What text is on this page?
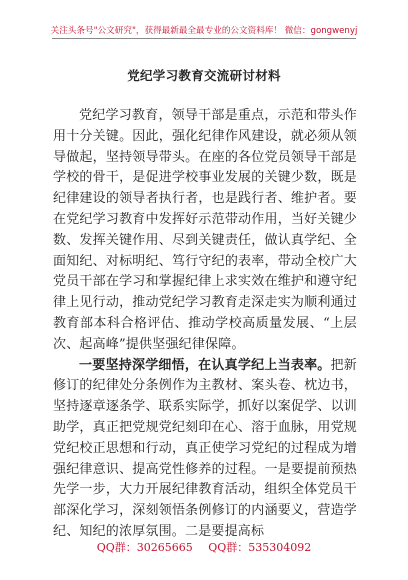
关注头条号"公文研究"，获得最新最全最专业的公文资料库！ 微信：gongwenyj
党纪学习教育交流研讨材料

党纪学习教育，领导干部是重点，示范和带头作用十分关键。因此，强化纪律作风建设，就必须从领导做起，坚持领导带头。在座的各位党员领导干部是学校的骨干，是促进学校事业发展的关键少数，既是纪律建设的领导者执行者，也是践行者、维护者。要在党纪学习教育中发挥好示范带动作用，当好关键少数、发挥关键作用、尽到关键责任，做认真学纪、全面知纪、对标明纪、笃行守纪的表率，带动全校广大党员干部在学习和掌握纪律上求实效在维护和遵守纪律上见行动，推动党纪学习教育走深走实为顺利通过教育部本科合格评估、推动学校高质量发展、“上层次、起高峰”提供坚强纪律保障。

一要坚持深学细悟，在认真学纪上当表率。把新修订的纪律处分条例作为主教材、案头卷、枕边书，坚持逐章逐条学、联系实际学，抓好以案促学、以训助学，真正把党规党纪刻印在心、溶于血脉，用党规党纪校正思想和行动，真正使学习党纪的过程成为增强纪律意识、提高党性修养的过程。一是要提前预热先学一步，大力开展纪律教育活动，组织全体党员干部深化学习，深刻领悟条例修订的内涵要义，营造学纪、知纪的浓厚氛围。二是要提高标

QQ群：30265665 QQ群：535304092
